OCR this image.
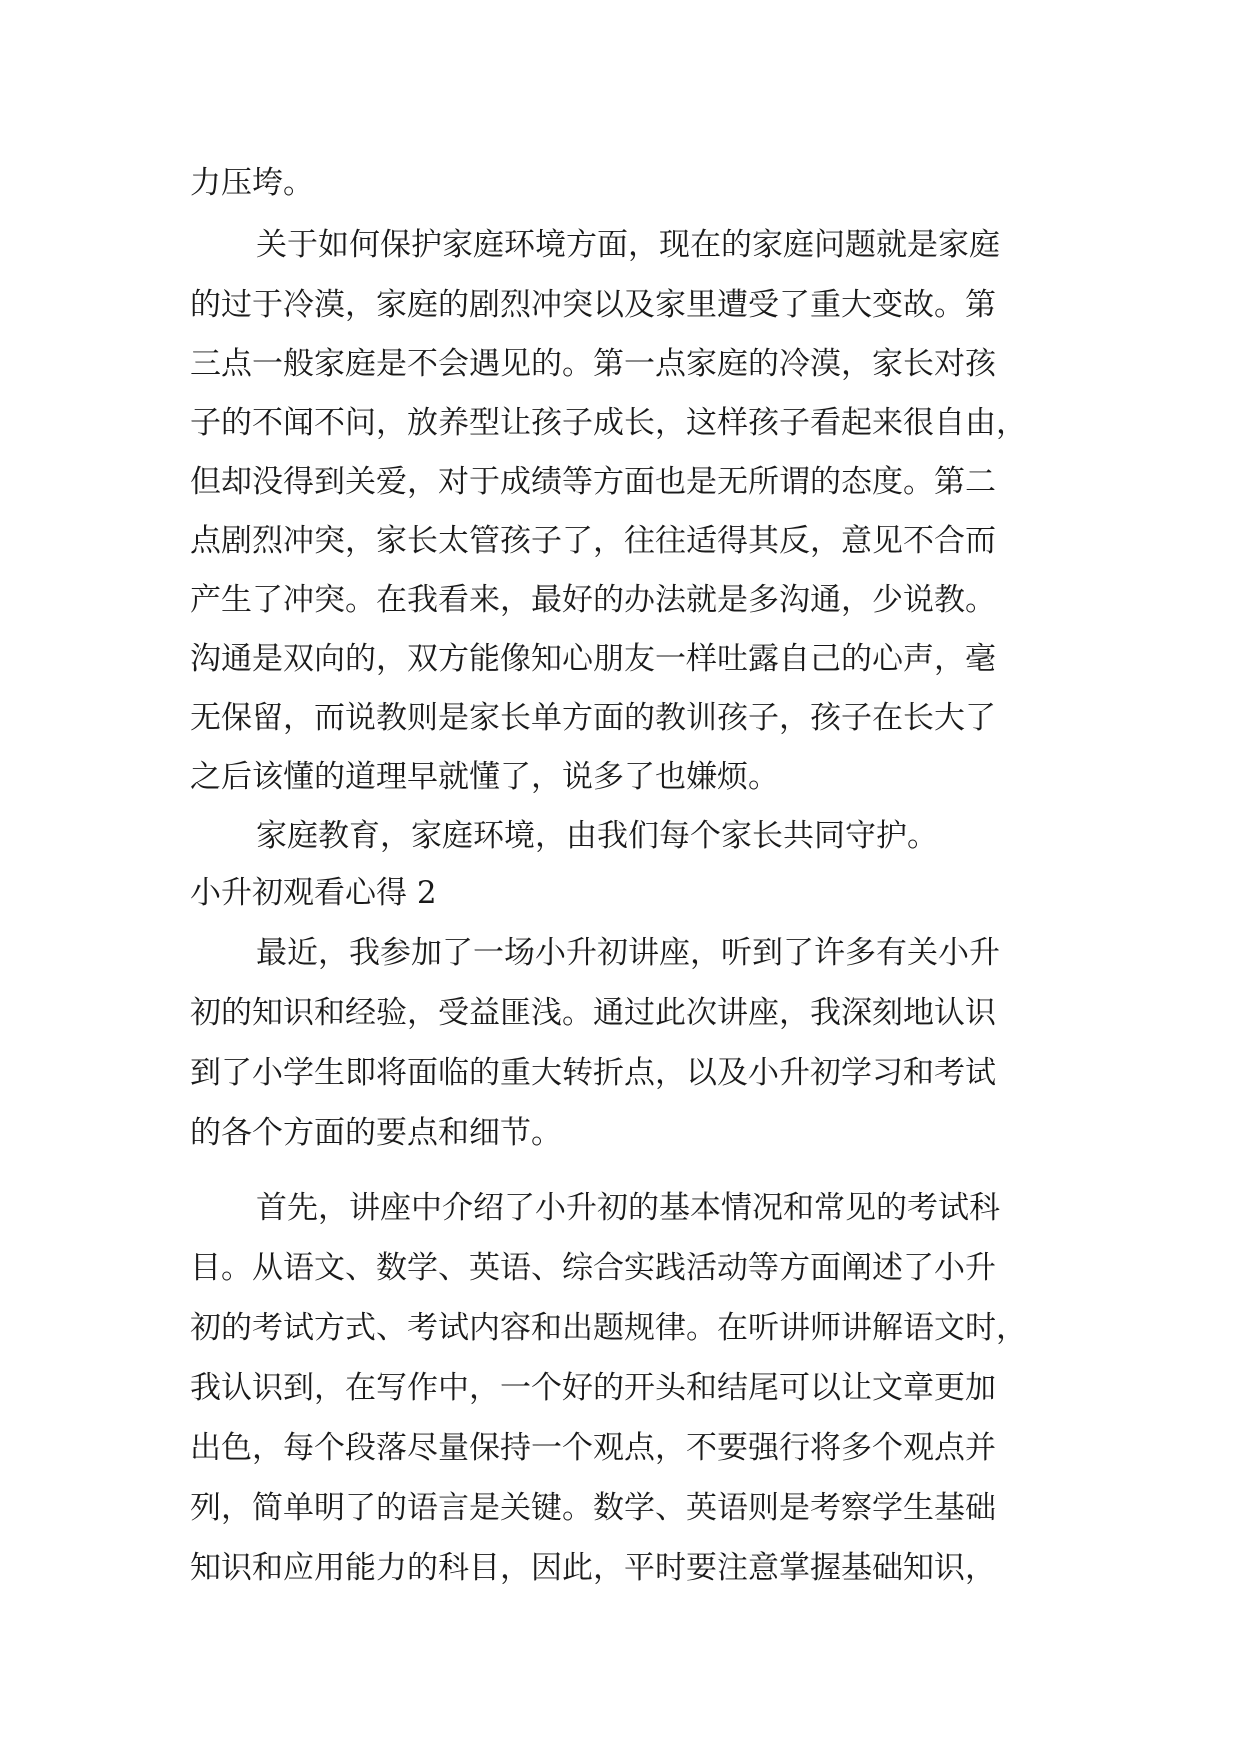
力压垮。
关于如何保护家庭环境方面，现在的家庭问题就是家庭
的过于冷漠，家庭的剧烈冲突以及家里遭受了重大变故。第
三点一般家庭是不会遇见的。第一点家庭的冷漠，家长对孩
子的不闻不问，放养型让孩子成长，这样孩子看起来很自由，
但却没得到关爱，对于成绩等方面也是无所谓的态度。第二
点剧烈冲突，家长太管孩子了，往往适得其反，意见不合而
产生了冲突。在我看来，最好的办法就是多沟通，少说教。
沟通是双向的，双方能像知心朋友一样吐露自己的心声，毫
无保留，而说教则是家长单方面的教训孩子，孩子在长大了
之后该懂的道理早就懂了，说多了也嫌烦。
家庭教育，家庭环境，由我们每个家长共同守护。
小升初观看心得 2
最近，我参加了一场小升初讲座，听到了许多有关小升
初的知识和经验，受益匪浅。通过此次讲座，我深刻地认识
到了小学生即将面临的重大转折点，以及小升初学习和考试
的各个方面的要点和细节。
首先，讲座中介绍了小升初的基本情况和常见的考试科
目。从语文、数学、英语、综合实践活动等方面阐述了小升
初的考试方式、考试内容和出题规律。在听讲师讲解语文时，
我认识到，在写作中，一个好的开头和结尾可以让文章更加
出色，每个段落尽量保持一个观点，不要强行将多个观点并
列，简单明了的语言是关键。数学、英语则是考察学生基础
知识和应用能力的科目，因此，平时要注意掌握基础知识，
